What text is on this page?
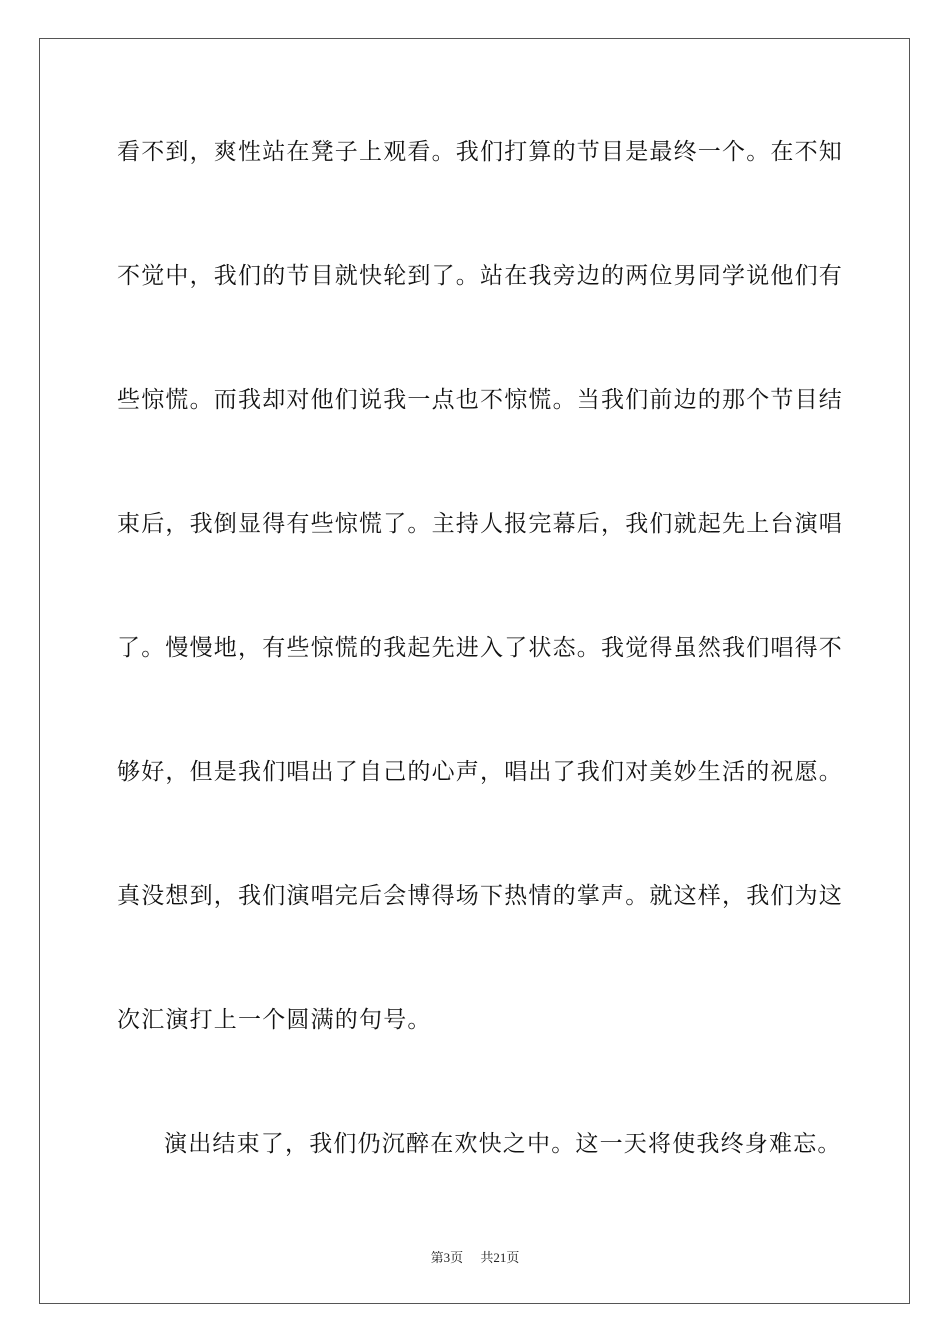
看不到，爽性站在凳子上观看。我们打算的节目是最终一个。在不知
不觉中，我们的节目就快轮到了。站在我旁边的两位男同学说他们有
些惊慌。而我却对他们说我一点也不惊慌。当我们前边的那个节目结
束后，我倒显得有些惊慌了。主持人报完幕后，我们就起先上台演唱
了。慢慢地，有些惊慌的我起先进入了状态。我觉得虽然我们唱得不
够好，但是我们唱出了自己的心声，唱出了我们对美妙生活的祝愿。
真没想到，我们演唱完后会博得场下热情的掌声。就这样，我们为这
次汇演打上一个圆满的句号。
演出结束了，我们仍沉醉在欢快之中。这一天将使我终身难忘。
第3页 共21页
